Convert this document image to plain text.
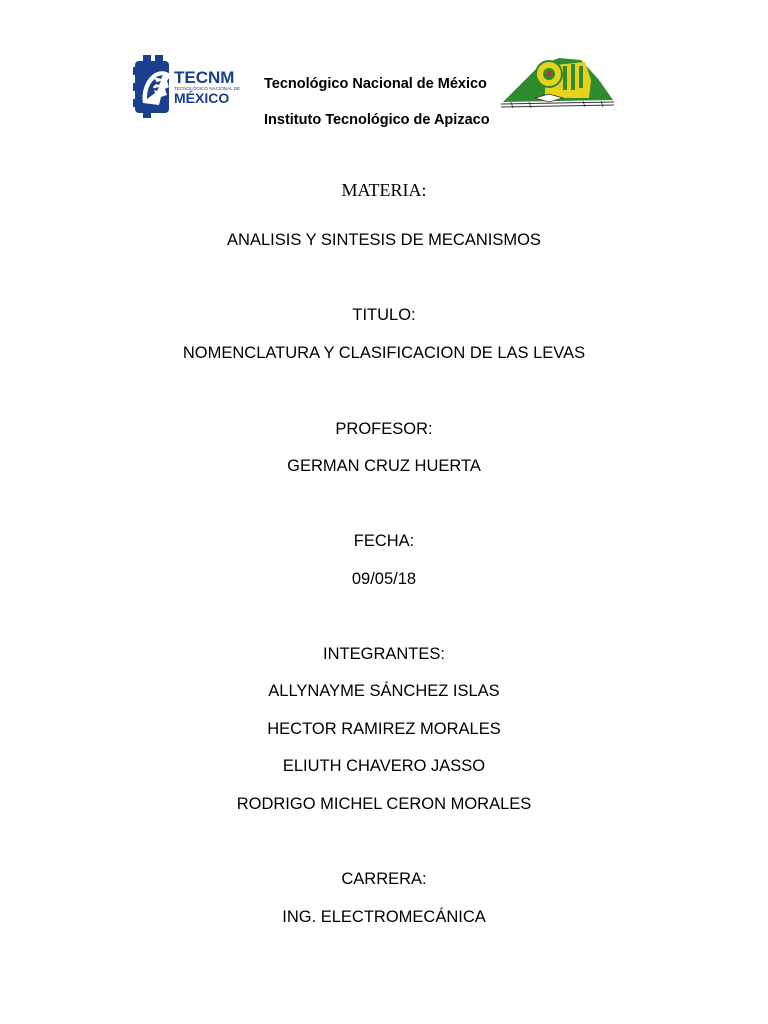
TECNM
TECNOLÓGICO NACIONAL DE
MÉXICO
Tecnológico Nacional de México
Instituto Tecnológico de Apizaco
MATERIA:
ANALISIS Y SINTESIS DE MECANISMOS
TITULO:
NOMENCLATURA Y CLASIFICACION DE LAS LEVAS
PROFESOR:
GERMAN CRUZ HUERTA
FECHA:
09/05/18
INTEGRANTES:
ALLYNAYME SÁNCHEZ ISLAS
HECTOR RAMIREZ MORALES
ELIUTH CHAVERO JASSO
RODRIGO MICHEL CERON MORALES
CARRERA:
ING. ELECTROMECÁNICA
